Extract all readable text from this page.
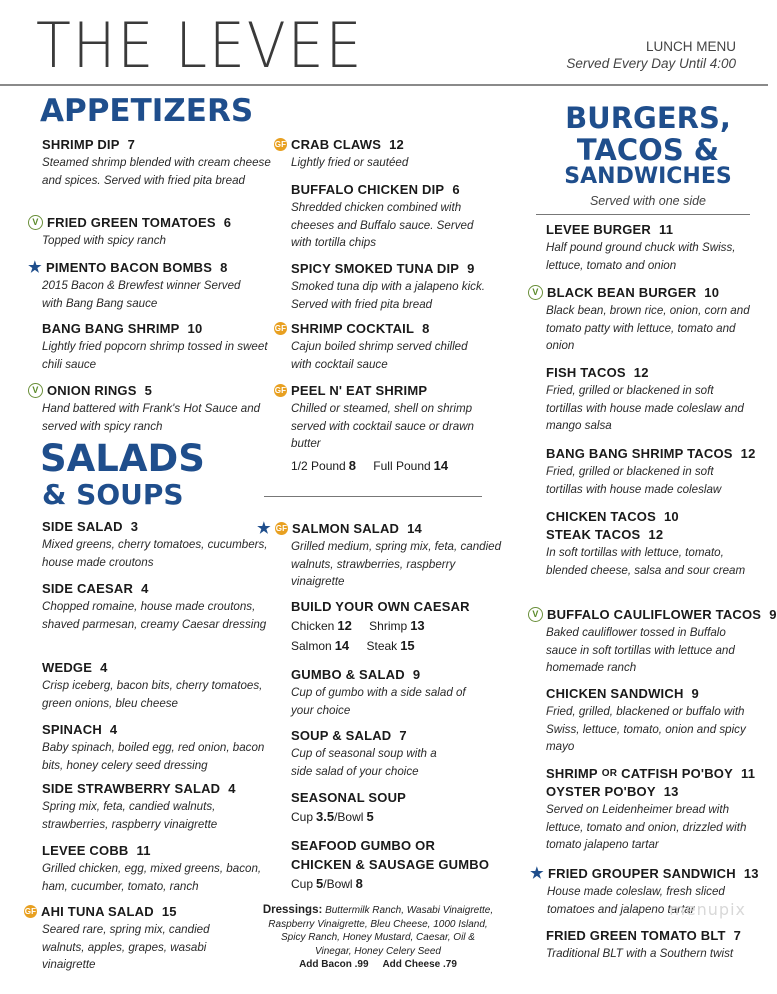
THE LEVEE	LUNCH MENU
Served Every Day Until 4:00
APPETIZERS
SHRIMP DIP 7
Steamed shrimp blended with cream cheese and spices. Served with fried pita bread
V FRIED GREEN TOMATOES 6
Topped with spicy ranch
★ PIMENTO BACON BOMBS 8
2015 Bacon & Brewfest winner Served with Bang Bang sauce
BANG BANG SHRIMP 10
Lightly fried popcorn shrimp tossed in sweet chili sauce
V ONION RINGS 5
Hand battered with Frank's Hot Sauce and served with spicy ranch
SALADS
& SOUPS
SIDE SALAD 3
Mixed greens, cherry tomatoes, cucumbers, house made croutons
SIDE CAESAR 4
Chopped romaine, house made croutons, shaved parmesan, creamy Caesar dressing
WEDGE 4
Crisp iceberg, bacon bits, cherry tomatoes, green onions, bleu cheese
SPINACH 4
Baby spinach, boiled egg, red onion, bacon bits, honey celery seed dressing
SIDE STRAWBERRY SALAD 4
Spring mix, feta, candied walnuts, strawberries, raspberry vinaigrette
LEVEE COBB 11
Grilled chicken, egg, mixed greens, bacon, ham, cucumber, tomato, ranch
GF AHI TUNA SALAD 15
Seared rare, spring mix, candied walnuts, apples, grapes, wasabi vinaigrette
GF CRAB CLAWS 12
Lightly fried or sautéed
BUFFALO CHICKEN DIP 6
Shredded chicken combined with cheeses and Buffalo sauce. Served with tortilla chips
SPICY SMOKED TUNA DIP 9
Smoked tuna dip with a jalapeno kick. Served with fried pita bread
GF SHRIMP COCKTAIL 8
Cajun boiled shrimp served chilled with cocktail sauce
GF PEEL N' EAT SHRIMP
Chilled or steamed, shell on shrimp served with cocktail sauce or drawn butter
1/2 Pound 8 Full Pound 14
★ GF SALMON SALAD 14
Grilled medium, spring mix, feta, candied walnuts, strawberries, raspberry vinaigrette
BUILD YOUR OWN CAESAR
Chicken 12 Shrimp 13
Salmon 14 Steak 15
GUMBO & SALAD 9
Cup of gumbo with a side salad of your choice
SOUP & SALAD 7
Cup of seasonal soup with a side salad of your choice
SEASONAL SOUP
Cup 3.5/Bowl 5
SEAFOOD GUMBO OR
CHICKEN & SAUSAGE GUMBO
Cup 5/Bowl 8
Dressings: Buttermilk Ranch, Wasabi Vinaigrette, Raspberry Vinaigrette, Bleu Cheese, 1000 Island, Spicy Ranch, Honey Mustard, Caesar, Oil & Vinegar, Honey Celery Seed
Add Bacon .99 Add Cheese .79
BURGERS,
TACOS &
SANDWICHES
Served with one side
LEVEE BURGER 11
Half pound ground chuck with Swiss, lettuce, tomato and onion
V BLACK BEAN BURGER 10
Black bean, brown rice, onion, corn and tomato patty with lettuce, tomato and onion
FISH TACOS 12
Fried, grilled or blackened in soft tortillas with house made coleslaw and mango salsa
BANG BANG SHRIMP TACOS 12
Fried, grilled or blackened in soft tortillas with house made coleslaw
CHICKEN TACOS 10
STEAK TACOS 12
In soft tortillas with lettuce, tomato, blended cheese, salsa and sour cream
V BUFFALO CAULIFLOWER TACOS 9
Baked cauliflower tossed in Buffalo sauce in soft tortillas with lettuce and homemade ranch
CHICKEN SANDWICH 9
Fried, grilled, blackened or buffalo with Swiss, lettuce, tomato, onion and spicy mayo
SHRIMP OR CATFISH PO'BOY 11
OYSTER PO'BOY 13
Served on Leidenheimer bread with lettuce, tomato and onion, drizzled with tomato jalapeno tartar
★ FRIED GROUPER SANDWICH 13
House made coleslaw, fresh sliced tomatoes and jalapeno tartar
FRIED GREEN TOMATO BLT 7
Traditional BLT with a Southern twist
menupix
